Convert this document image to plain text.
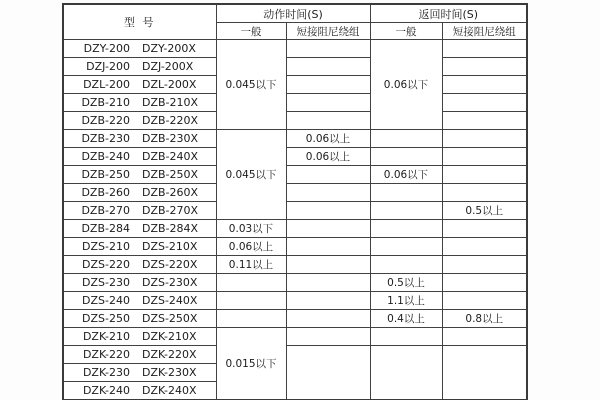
型 号	动作时间(S)		返回时间(S)	
	一般	短接阻尼绕组	一般	短接阻尼绕组

DZY-200 DZY-200X	0.045以下		0.06以下	

DZJ-200 DZJ-200X				

DZL-200 DZL-200X				

DZB-210 DZB-210X				

DZB-220 DZB-220X				

DZB-230 DZB-230X	0.045以下	0.06以上		

DZB-240 DZB-240X		0.06以上		

DZB-250 DZB-250X			0.06以下	

DZB-260 DZB-260X				

DZB-270 DZB-270X				0.5以上

DZB-284 DZB-284X	0.03以下			

DZS-210 DZS-210X	0.06以上			

DZS-220 DZS-220X	0.11以上			

DZS-230 DZS-230X			0.5以上	

DZS-240 DZS-240X			1.1以上	

DZS-250 DZS-250X			0.4以上	0.8以上

DZK-210 DZK-210X	0.015以下			

DZK-220 DZK-220X				

DZK-230 DZK-230X				

DZK-240 DZK-240X				
